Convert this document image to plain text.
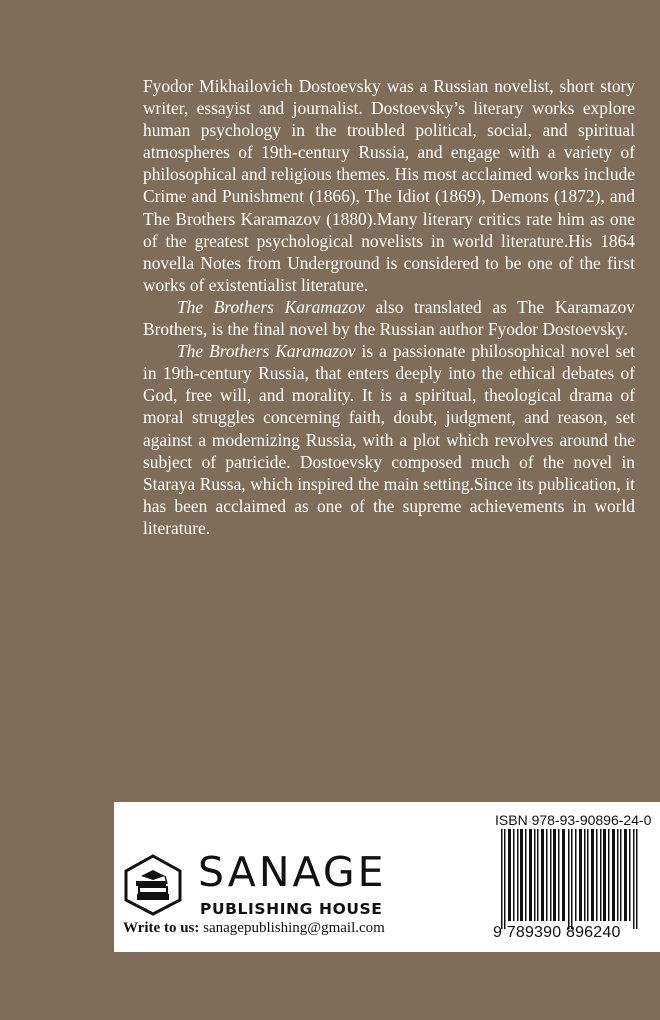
Fyodor Mikhailovich Dostoevsky was a Russian novelist, short story writer, essayist and journalist. Dostoevsky’s literary works explore human psychology in the troubled political, social, and spiritual atmospheres of 19th-century Russia, and engage with a variety of philosophical and religious themes. His most acclaimed works include Crime and Punishment (1866), The Idiot (1869), Demons (1872), and The Brothers Karamazov (1880).Many literary critics rate him as one of the greatest psychological novelists in world literature.His 1864 novella Notes from Underground is considered to be one of the first works of existentialist literature.

The Brothers Karamazov also translated as The Karamazov Brothers, is the final novel by the Russian author Fyodor Dostoevsky.

The Brothers Karamazov is a passionate philosophical novel set in 19th-century Russia, that enters deeply into the ethical debates of God, free will, and morality. It is a spiritual, theological drama of moral struggles concerning faith, doubt, judgment, and reason, set against a modernizing Russia, with a plot which revolves around the subject of patricide. Dostoevsky composed much of the novel in Staraya Russa, which inspired the main setting.Since its publication, it has been acclaimed as one of the supreme achievements in world literature.

SANAGE
PUBLISHING HOUSE
Write to us: sanagepublishing@gmail.com
ISBN 978-93-90896-24-0
9 789390 896240
